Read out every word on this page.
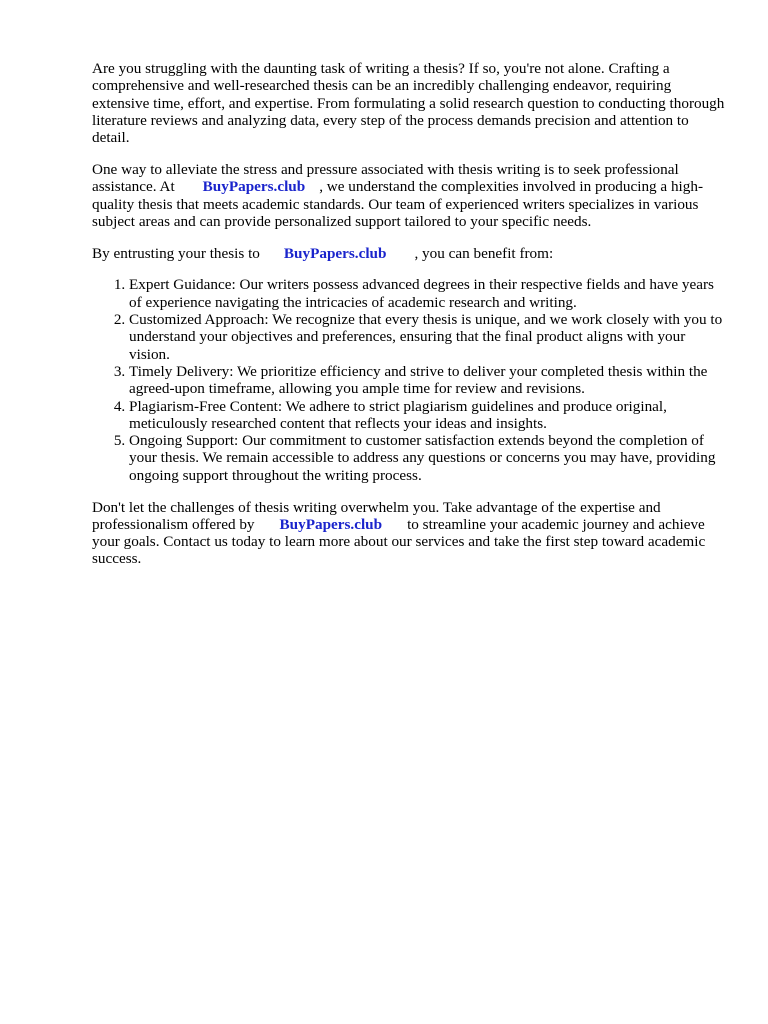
Are you struggling with the daunting task of writing a thesis? If so, you're not alone. Crafting a comprehensive and well-researched thesis can be an incredibly challenging endeavor, requiring extensive time, effort, and expertise. From formulating a solid research question to conducting thorough literature reviews and analyzing data, every step of the process demands precision and attention to detail.

One way to alleviate the stress and pressure associated with thesis writing is to seek professional assistance. At BuyPapers.club , we understand the complexities involved in producing a high-quality thesis that meets academic standards. Our team of experienced writers specializes in various subject areas and can provide personalized support tailored to your specific needs.

By entrusting your thesis to BuyPapers.club , you can benefit from:

1. Expert Guidance: Our writers possess advanced degrees in their respective fields and have years of experience navigating the intricacies of academic research and writing.
2. Customized Approach: We recognize that every thesis is unique, and we work closely with you to understand your objectives and preferences, ensuring that the final product aligns with your vision.
3. Timely Delivery: We prioritize efficiency and strive to deliver your completed thesis within the agreed-upon timeframe, allowing you ample time for review and revisions.
4. Plagiarism-Free Content: We adhere to strict plagiarism guidelines and produce original, meticulously researched content that reflects your ideas and insights.
5. Ongoing Support: Our commitment to customer satisfaction extends beyond the completion of your thesis. We remain accessible to address any questions or concerns you may have, providing ongoing support throughout the writing process.

Don't let the challenges of thesis writing overwhelm you. Take advantage of the expertise and professionalism offered by BuyPapers.club to streamline your academic journey and achieve your goals. Contact us today to learn more about our services and take the first step toward academic success.
